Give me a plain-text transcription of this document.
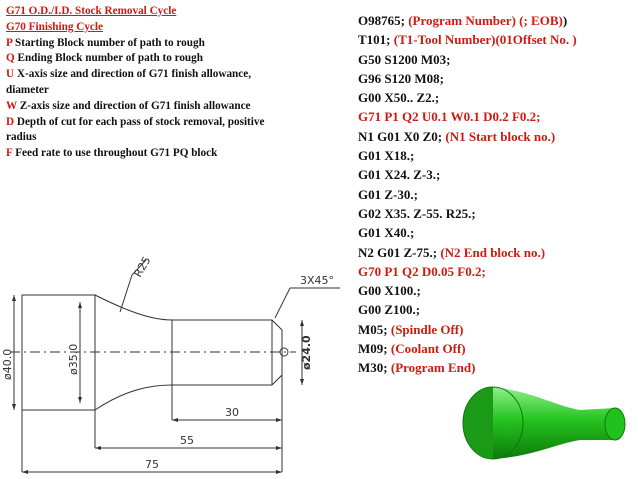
G71 O.D./I.D. Stock Removal Cycle
G70 Finishing Cycle
P Starting Block number of path to rough
Q Ending Block number of path to rough
U X-axis size and direction of G71 finish allowance, diameter
W Z-axis size and direction of G71 finish allowance
D Depth of cut for each pass of stock removal, positive radius
F Feed rate to use throughout G71 PQ block
O98765; (Program Number) (; EOB))
T101; (T1-Tool Number)(01Offset No. )
G50 S1200 M03;
G96 S120 M08;
G00 X50.. Z2.;
G71 P1 Q2 U0.1 W0.1 D0.2 F0.2;
N1 G01 X0 Z0; (N1 Start block no.)
G01 X18.;
G01 X24. Z-3.;
G01 Z-30.;
G02 X35. Z-55. R25.;
G01 X40.;
N2 G01 Z-75.; (N2 End block no.)
G70 P1 Q2 D0.05 F0.2;
G00 X100.;
G00 Z100.;
M05; (Spindle Off)
M09; (Coolant Off)
M30; (Program End)
R25
3X45°
ø40.0	ø35.0	ø24.0
30
55
75
